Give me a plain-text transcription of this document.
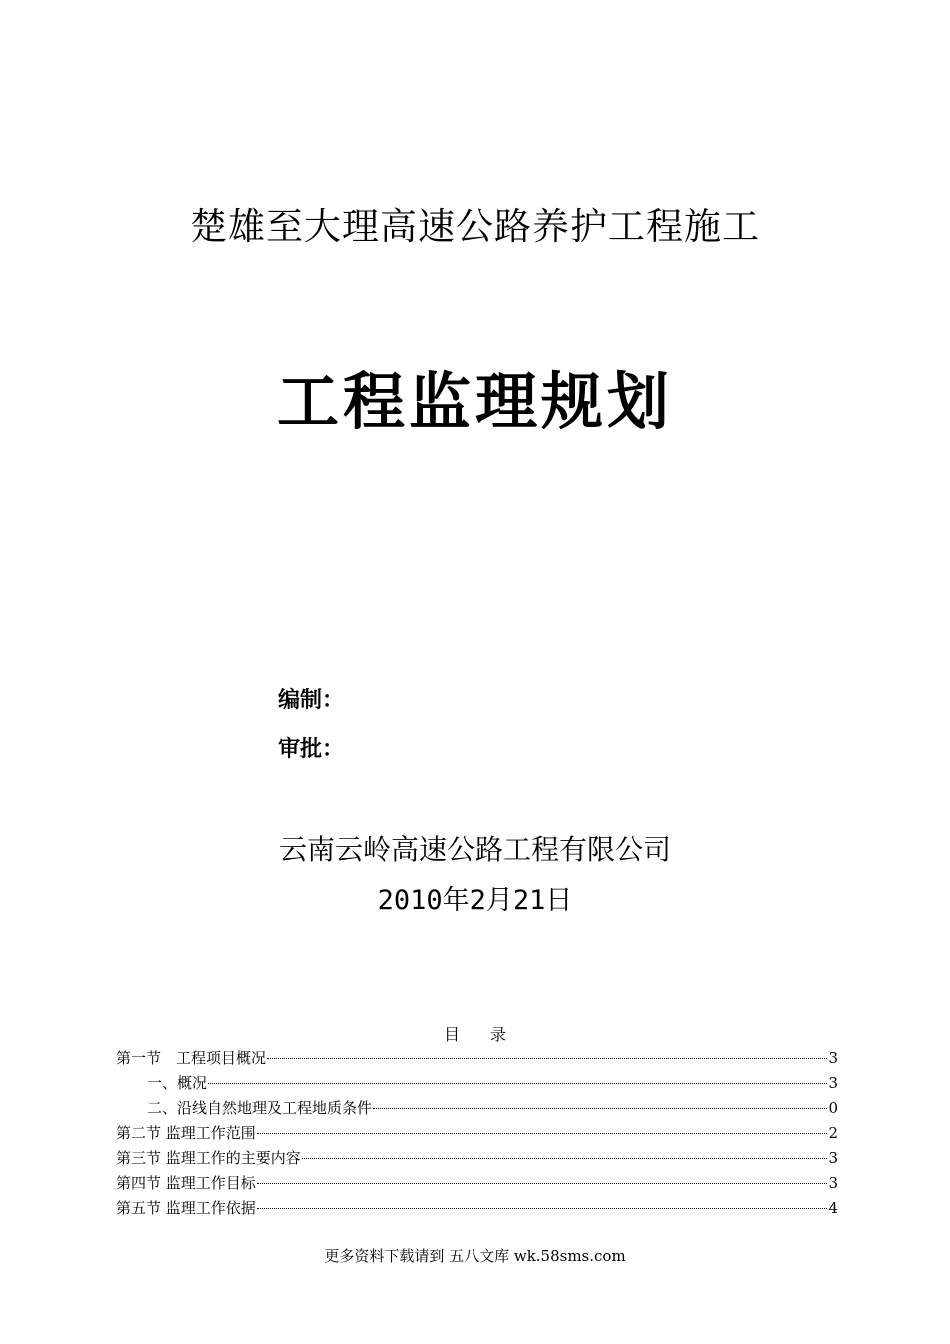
楚雄至大理高速公路养护工程施工
工程监理规划
编制：
审批：
云南云岭高速公路工程有限公司
2010年2月21日
目录
第一节　工程项目概况	3
一、概况	3
二、沿线自然地理及工程地质条件	0
第二节 监理工作范围	2
第三节 监理工作的主要内容	3
第四节 监理工作目标	3
第五节 监理工作依据	4
更多资料下载请到 五八文库 wk.58sms.com
